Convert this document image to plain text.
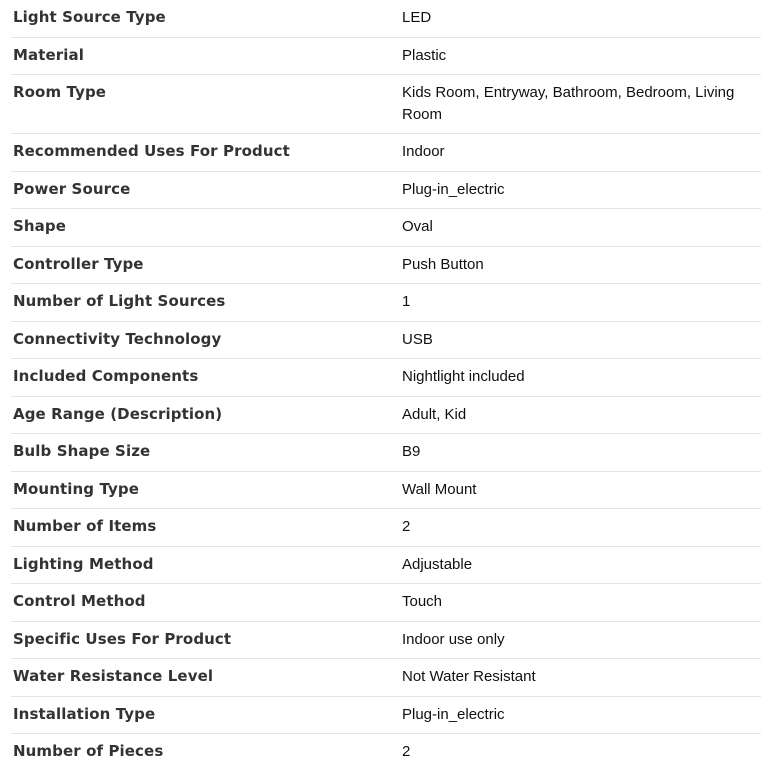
Light Source Type	LED
Material	Plastic
Room Type	Kids Room, Entryway, Bathroom, Bedroom, Living Room
Recommended Uses For Product	Indoor
Power Source	Plug-in_electric
Shape	Oval
Controller Type	Push Button
Number of Light Sources	1
Connectivity Technology	USB
Included Components	Nightlight included
Age Range (Description)	Adult, Kid
Bulb Shape Size	B9
Mounting Type	Wall Mount
Number of Items	2
Lighting Method	Adjustable
Control Method	Touch
Specific Uses For Product	Indoor use only
Water Resistance Level	Not Water Resistant
Installation Type	Plug-in_electric
Number of Pieces	2
